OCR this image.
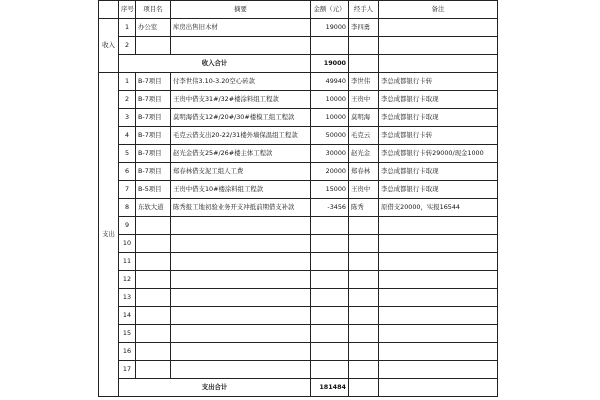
	序号	项目名	摘要	金额（元）	经手人	备注
收入	1	办公室	库房出售旧木材	19000	李四勇	
	2					
	收入合计			19000		
支出	1	B-7项目	付李世伟3.10-3.20空心砖款	49940	李世伟	李总成都银行卡转
	2	B-7项目	王贵中借支31#/32#楼涂料组工程款	10000	王贵中	李总成都银行卡取现
	3	B-7项目	莫明海借支12#/20#/30#楼模工组工程款	10000	莫明海	李总成都银行卡取现
	4	B-7项目	毛克云借支出20-22/31楼外墙保温组工程款	50000	毛克云	李总成都银行卡转
	5	B-7项目	赵光金借支25#/26#楼主体工程款	30000	赵光金	李总成都银行卡转29000/现金1000
	6	B-7项目	郑春林借支泥工组人工费	20000	郑春林	李总成都银行卡取现
	7	B-5项目	王贵中借支10#楼涂料组工程款	15000	王贵中	李总成都银行卡取现
	8	东软大道	陈秀报工地初验业务开支冲抵前期借支补款	-3456	陈秀	原借支20000，实报16544
	9					
	10					
	11					
	12					
	13					
	14					
	15					
	16					
	17					
	支出合计			181484		
